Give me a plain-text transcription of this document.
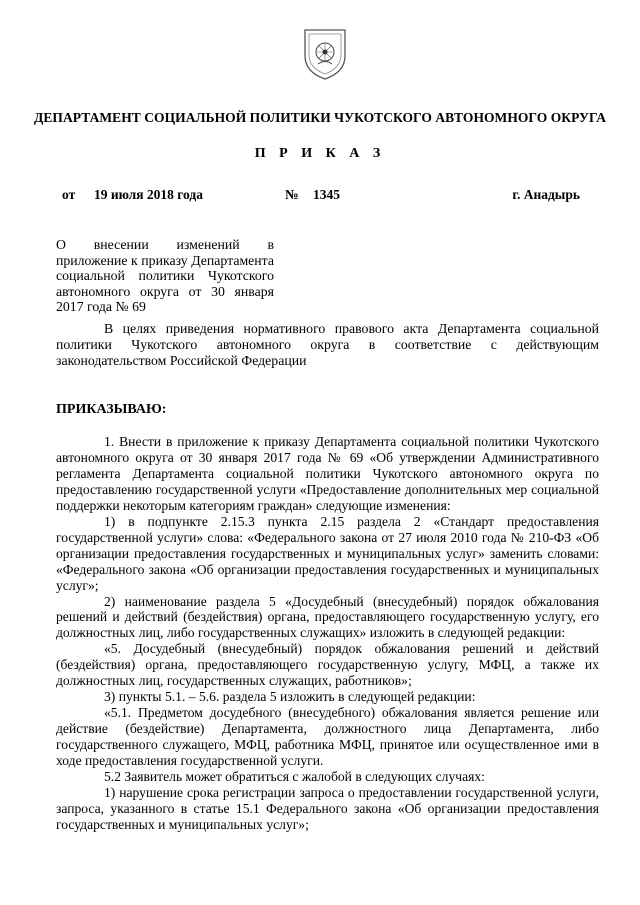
ДЕПАРТАМЕНТ СОЦИАЛЬНОЙ ПОЛИТИКИ ЧУКОТСКОГО АВТОНОМНОГО ОКРУГА
П Р И К А З
от 19 июля 2018 года	№ 1345	г. Анадырь
О внесении изменений в приложение к приказу Департамента социальной политики Чукотского автономного округа от 30 января 2017 года № 69
В целях приведения нормативного правового акта Департамента социальной политики Чукотского автономного округа в соответствие с действующим законодательством Российской Федерации
ПРИКАЗЫВАЮ:

1. Внести в приложение к приказу Департамента социальной политики Чукотского автономного округа от 30 января 2017 года № 69 «Об утверждении Административного регламента Департамента социальной политики Чукотского автономного округа по предоставлению государственной услуги «Предоставление дополнительных мер социальной поддержки некоторым категориям граждан» следующие изменения:

1) в подпункте 2.15.3 пункта 2.15 раздела 2 «Стандарт предоставления государственной услуги» слова: «Федерального закона от 27 июля 2010 года № 210-ФЗ «Об организации предоставления государственных и муниципальных услуг» заменить словами: «Федерального закона «Об организации предоставления государственных и муниципальных услуг»;

2) наименование раздела 5 «Досудебный (внесудебный) порядок обжалования решений и действий (бездействия) органа, предоставляющего государственную услугу, его должностных лиц, либо государственных служащих» изложить в следующей редакции:

«5. Досудебный (внесудебный) порядок обжалования решений и действий (бездействия) органа, предоставляющего государственную услугу, МФЦ, а также их должностных лиц, государственных служащих, работников»;

3) пункты 5.1. – 5.6. раздела 5 изложить в следующей редакции:

«5.1. Предметом досудебного (внесудебного) обжалования является решение или действие (бездействие) Департамента, должностного лица Департамента, либо государственного служащего, МФЦ, работника МФЦ, принятое или осуществленное ими в ходе предоставления государственной услуги.

5.2 Заявитель может обратиться с жалобой в следующих случаях:

1) нарушение срока регистрации запроса о предоставлении государственной услуги, запроса, указанного в статье 15.1 Федерального закона «Об организации предоставления государственных и муниципальных услуг»;
